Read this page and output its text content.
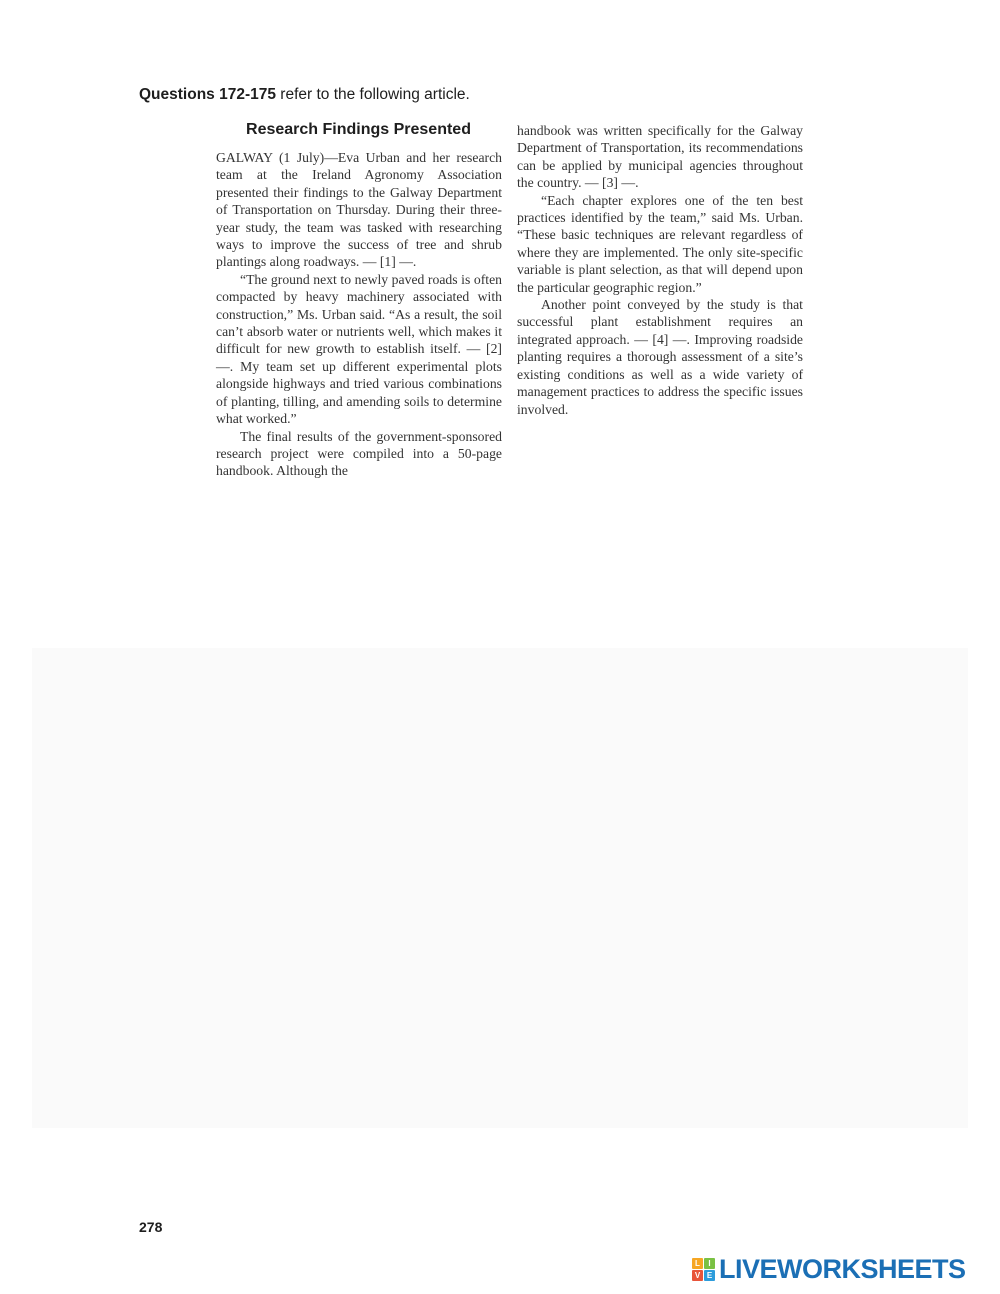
Questions 172-175 refer to the following article.
Research Findings Presented

GALWAY (1 July)—Eva Urban and her research team at the Ireland Agronomy Association presented their findings to the Galway Department of Transportation on Thursday. During their three-year study, the team was tasked with researching ways to improve the success of tree and shrub plantings along roadways. — [1] —.

“The ground next to newly paved roads is often compacted by heavy machinery associated with construction,” Ms. Urban said. “As a result, the soil can’t absorb water or nutrients well, which makes it difficult for new growth to establish itself. — [2] —. My team set up different experimental plots alongside highways and tried various combinations of planting, tilling, and amending soils to determine what worked.”

The final results of the government-sponsored research project were compiled into a 50-page handbook. Although the

handbook was written specifically for the Galway Department of Transportation, its recommendations can be applied by municipal agencies throughout the country. — [3] —.

“Each chapter explores one of the ten best practices identified by the team,” said Ms. Urban. “These basic techniques are relevant regardless of where they are implemented. The only site-specific variable is plant selection, as that will depend upon the particular geographic region.”

Another point conveyed by the study is that successful plant establishment requires an integrated approach. — [4] —. Improving roadside planting requires a thorough assessment of a site’s existing conditions as well as a wide variety of management practices to address the specific issues involved.

278
L	I
V E LIVEWORKSHEETS
